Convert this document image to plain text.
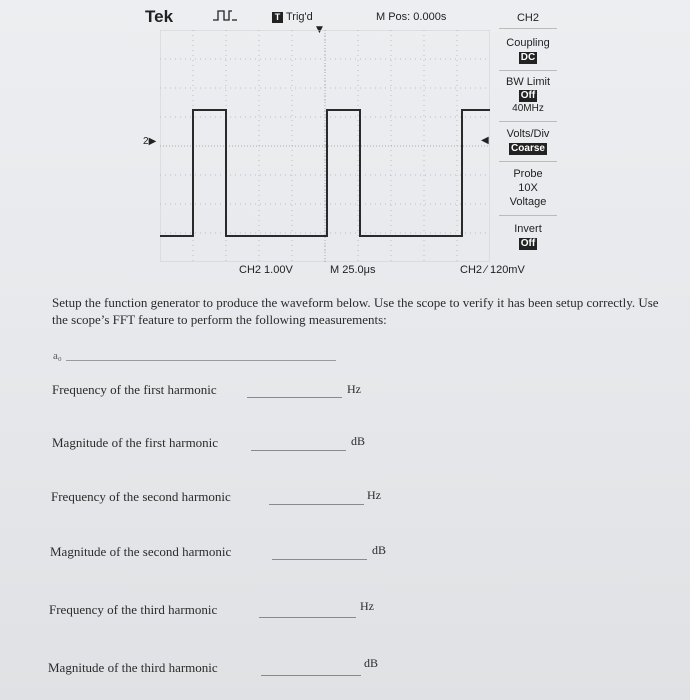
Tek	T Trig'd	M Pos: 0.000s
▼
2▶	◀
CH2
Coupling
DC
BW Limit
Off
40MHz
Volts/Div
Coarse
Probe
10X
Voltage
Invert
Off
CH2 1.00V	M 25.0μs	CH2 ∕ 120mV
Setup the function generator to produce the waveform below. Use the scope to verify it has been setup correctly. Use the scope’s FFT feature to perform the following measurements:
a₀
Frequency of the first harmonic	Hz
Magnitude of the first harmonic	dB
Frequency of the second harmonic	Hz
Magnitude of the second harmonic	dB
Frequency of the third harmonic	Hz
Magnitude of the third harmonic	dB
